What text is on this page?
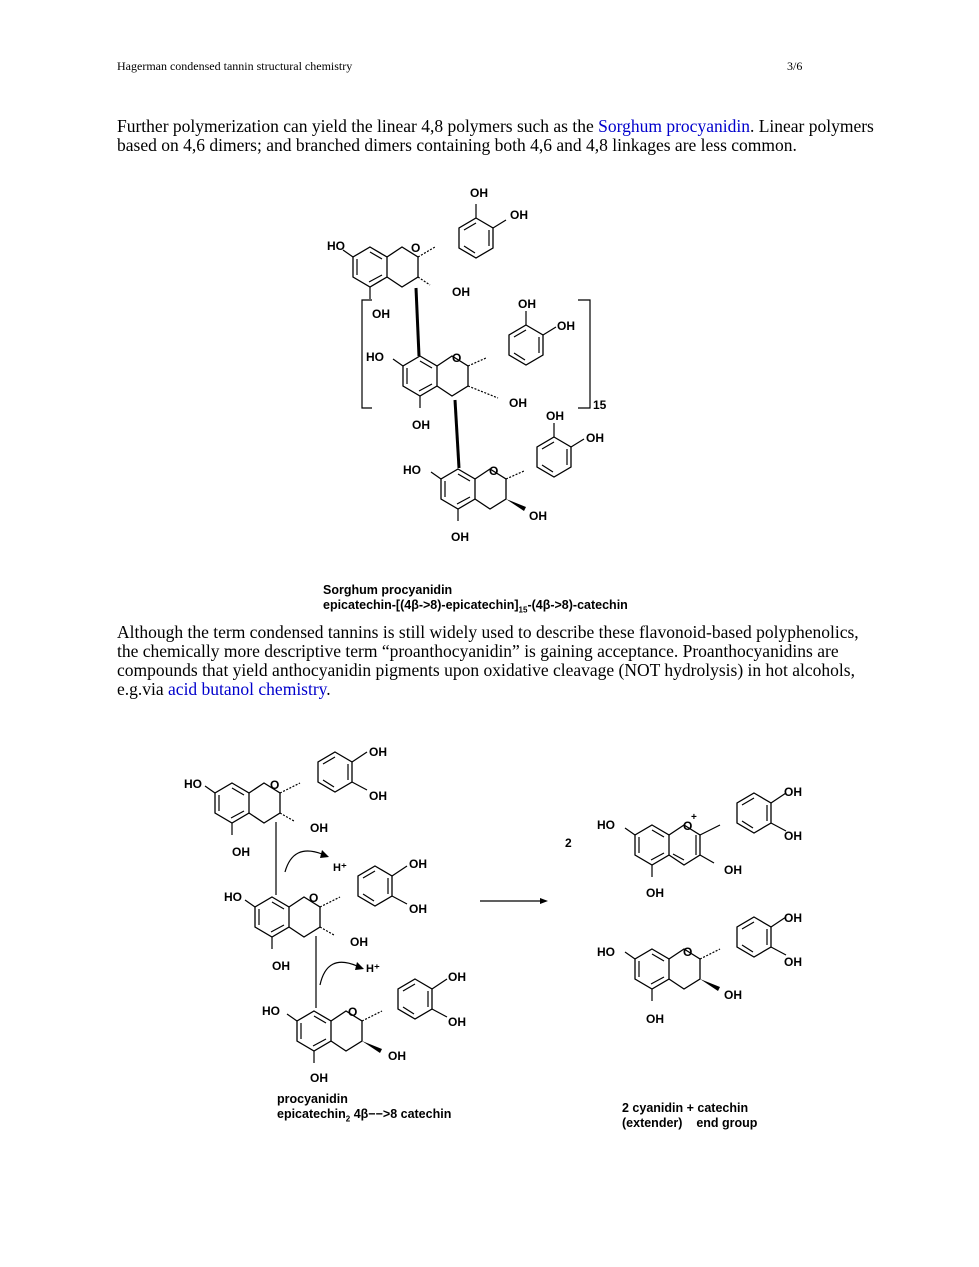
Hagerman condensed tannin structural chemistry	3/6
Further polymerization can yield the linear 4,8 polymers such as the Sorghum procyanidin. Linear polymers based on 4,6 dimers; and branched dimers containing both 4,6 and 4,8 linkages are less common.
HO	O
OH
OH
OH
OH
15
HO	O
OH
OH
OH
OH
HO	O
OH
OH
OH
OH
HO	O
OH
OH
OH
OH
H⁺
HO	O
OH
OH
OH
OH	H⁺
HO	O
OH
OH
OH
OH
2
HO	O
+
OH
OH
OH
OH
HO	O
OH
OH
OH
OH
Sorghum procyanidin
epicatechin-$[(4\beta->8)-epicatechin]_{15}-(4\beta->8)$-catechin
Although the term condensed tannins is still widely used to describe these flavonoid-based polyphenolics, the chemically more descriptive term “proanthocyanidin” is gaining acceptance. Proanthocyanidins are compounds that yield anthocyanidin pigments upon oxidative cleavage (NOT hydrolysis) in hot alcohols, e.g.via acid butanol chemistry.
procyanidin
epicatechin$_2$ 4β−−>8 catechin	2 cyanidin + catechin
(extender)    end group
